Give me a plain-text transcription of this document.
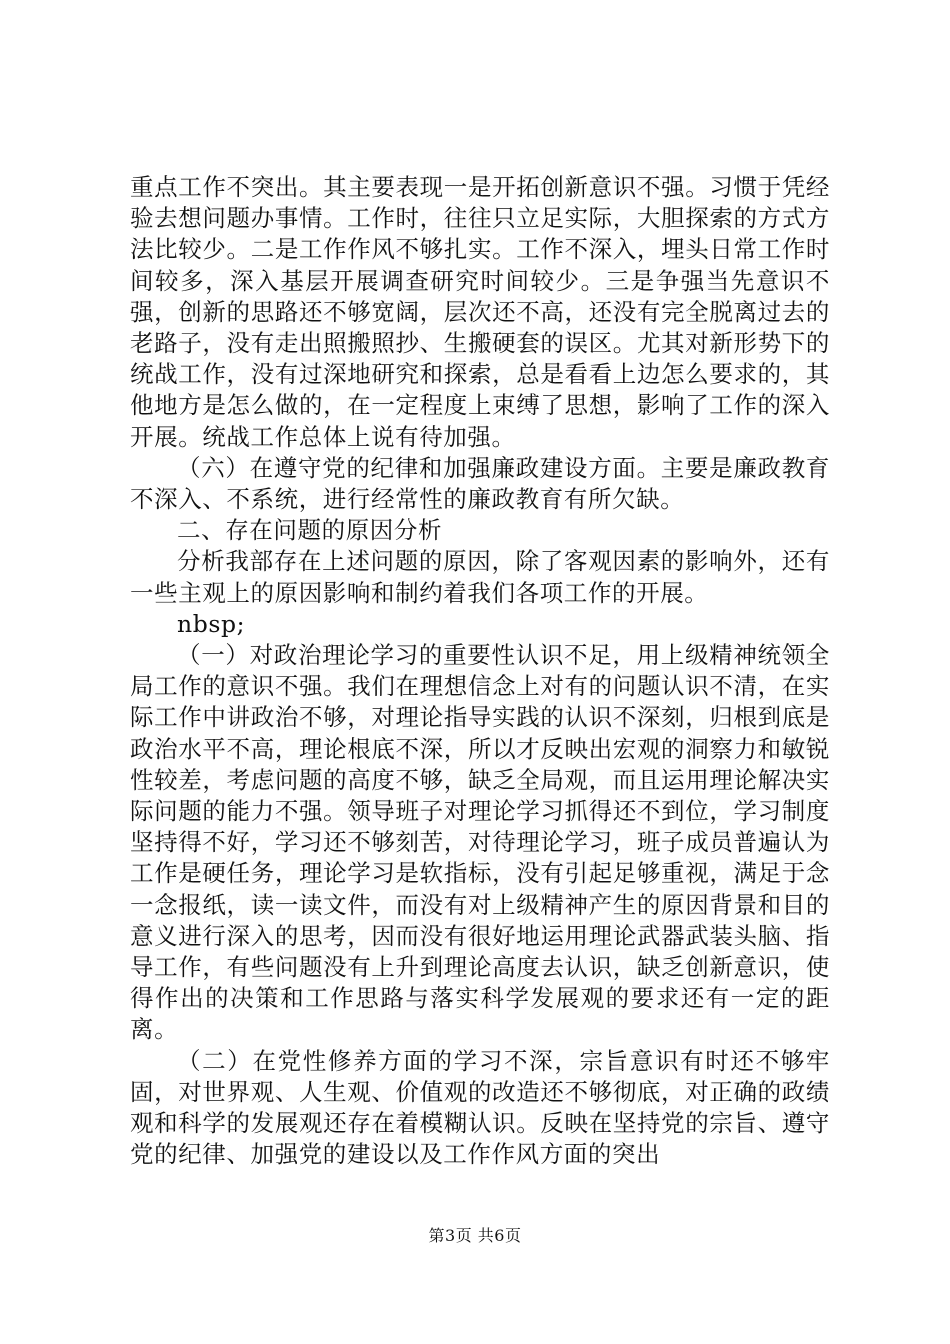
重点工作不突出。其主要表现一是开拓创新意识不强。习惯于凭经验去想问题办事情。工作时，往往只立足实际，大胆探索的方式方法比较少。二是工作作风不够扎实。工作不深入，埋头日常工作时间较多，深入基层开展调查研究时间较少。三是争强当先意识不强，创新的思路还不够宽阔，层次还不高，还没有完全脱离过去的老路子，没有走出照搬照抄、生搬硬套的误区。尤其对新形势下的统战工作，没有过深地研究和探索，总是看看上边怎么要求的，其他地方是怎么做的，在一定程度上束缚了思想，影响了工作的深入开展。统战工作总体上说有待加强。

（六）在遵守党的纪律和加强廉政建设方面。主要是廉政教育不深入、不系统，进行经常性的廉政教育有所欠缺。

二、存在问题的原因分析

分析我部存在上述问题的原因，除了客观因素的影响外，还有一些主观上的原因影响和制约着我们各项工作的开展。

nbsp;

（一）对政治理论学习的重要性认识不足，用上级精神统领全局工作的意识不强。我们在理想信念上对有的问题认识不清，在实际工作中讲政治不够，对理论指导实践的认识不深刻，归根到底是政治水平不高，理论根底不深，所以才反映出宏观的洞察力和敏锐性较差，考虑问题的高度不够，缺乏全局观，而且运用理论解决实际问题的能力不强。领导班子对理论学习抓得还不到位，学习制度坚持得不好，学习还不够刻苦，对待理论学习，班子成员普遍认为工作是硬任务，理论学习是软指标，没有引起足够重视，满足于念一念报纸，读一读文件，而没有对上级精神产生的原因背景和目的意义进行深入的思考，因而没有很好地运用理论武器武装头脑、指导工作，有些问题没有上升到理论高度去认识，缺乏创新意识，使得作出的决策和工作思路与落实科学发展观的要求还有一定的距离。

（二）在党性修养方面的学习不深，宗旨意识有时还不够牢固，对世界观、人生观、价值观的改造还不够彻底，对正确的政绩观和科学的发展观还存在着模糊认识。反映在坚持党的宗旨、遵守党的纪律、加强党的建设以及工作作风方面的突出

第3页 共6页
